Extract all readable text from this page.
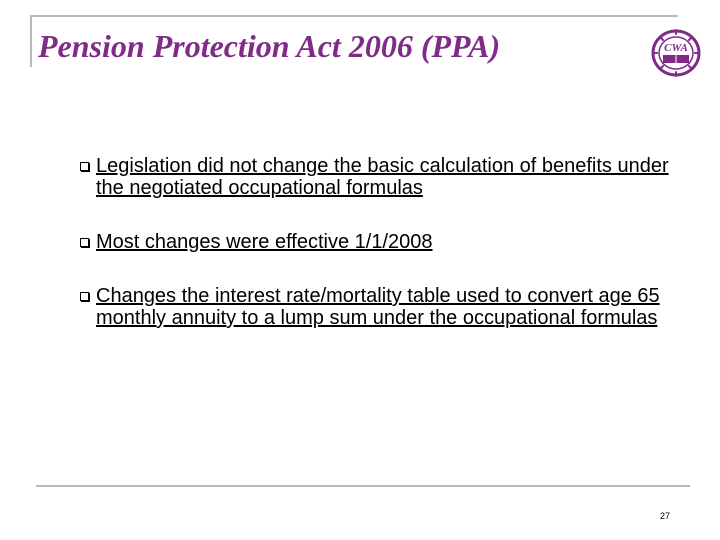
Pension Protection Act 2006 (PPA)	CWA
Legislation did not change the basic calculation of benefits under the negotiated occupational formulas
Most changes were effective 1/1/2008
Changes the interest rate/mortality table used to convert age 65 monthly annuity to a lump sum under the occupational formulas
27
